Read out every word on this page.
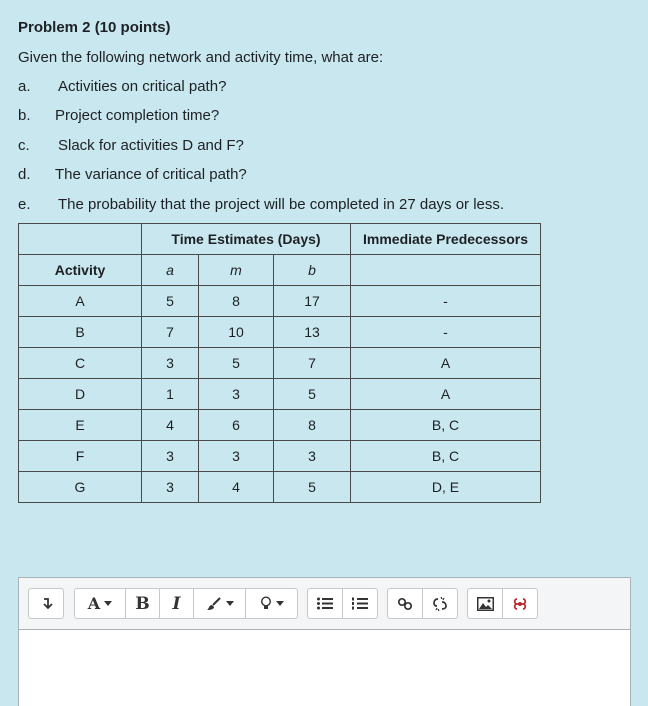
Problem 2 (10 points)
Given the following network and activity time, what are:
a. Activities on critical path?
b. Project completion time?
c. Slack for activities D and F?
d. The variance of critical path?
e. The probability that the project will be completed in 27 days or less.
	Time Estimates (Days)			Immediate Predecessors
Activity	a	m	b	
A	5	8	17	-
B	7	10	13	-
C	3	5	7	A
D	1	3	5	A
E	4	6	8	B, C
F	3	3	3	B, C
G	3	4	5	D, E
A B I
